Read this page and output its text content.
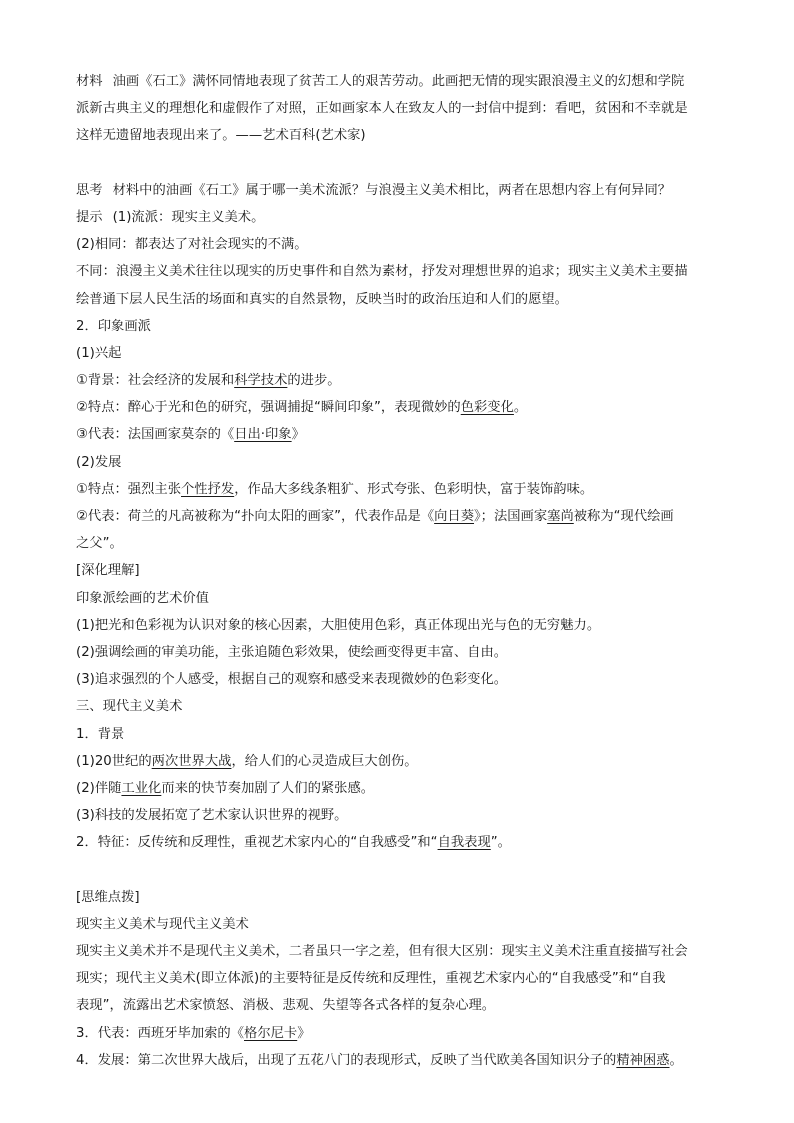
材料 油画《石工》满怀同情地表现了贫苦工人的艰苦劳动。此画把无情的现实跟浪漫主义的幻想和学院
派新古典主义的理想化和虚假作了对照，正如画家本人在致友人的一封信中提到：看吧，贫困和不幸就是
这样无遗留地表现出来了。——艺术百科(艺术家)
思考 材料中的油画《石工》属于哪一美术流派？与浪漫主义美术相比，两者在思想内容上有何异同？
提示 (1)流派：现实主义美术。
(2)相同：都表达了对社会现实的不满。
不同：浪漫主义美术往往以现实的历史事件和自然为素材，抒发对理想世界的追求；现实主义美术主要描
绘普通下层人民生活的场面和真实的自然景物，反映当时的政治压迫和人们的愿望。
2．印象画派
(1)兴起
①背景：社会经济的发展和科学技术的进步。
②特点：醉心于光和色的研究，强调捕捉“瞬间印象”，表现微妙的色彩变化。
③代表：法国画家莫奈的《日出·印象》
(2)发展
①特点：强烈主张个性抒发，作品大多线条粗犷、形式夸张、色彩明快，富于装饰韵味。
②代表：荷兰的凡高被称为“扑向太阳的画家”，代表作品是《向日葵》；法国画家塞尚被称为“现代绘画
之父”。
[深化理解]
印象派绘画的艺术价值
(1)把光和色彩视为认识对象的核心因素，大胆使用色彩，真正体现出光与色的无穷魅力。
(2)强调绘画的审美功能，主张追随色彩效果，使绘画变得更丰富、自由。
(3)追求强烈的个人感受，根据自己的观察和感受来表现微妙的色彩变化。
三、现代主义美术
1．背景
(1)20世纪的两次世界大战，给人们的心灵造成巨大创伤。
(2)伴随工业化而来的快节奏加剧了人们的紧张感。
(3)科技的发展拓宽了艺术家认识世界的视野。
2．特征：反传统和反理性，重视艺术家内心的“自我感受”和“自我表现”。
[思维点拨]
现实主义美术与现代主义美术
现实主义美术并不是现代主义美术，二者虽只一字之差，但有很大区别：现实主义美术注重直接描写社会
现实；现代主义美术(即立体派)的主要特征是反传统和反理性，重视艺术家内心的“自我感受”和“自我
表现”，流露出艺术家愤怒、消极、悲观、失望等各式各样的复杂心理。
3．代表：西班牙毕加索的《格尔尼卡》
4．发展：第二次世界大战后，出现了五花八门的表现形式，反映了当代欧美各国知识分子的精神困惑。
